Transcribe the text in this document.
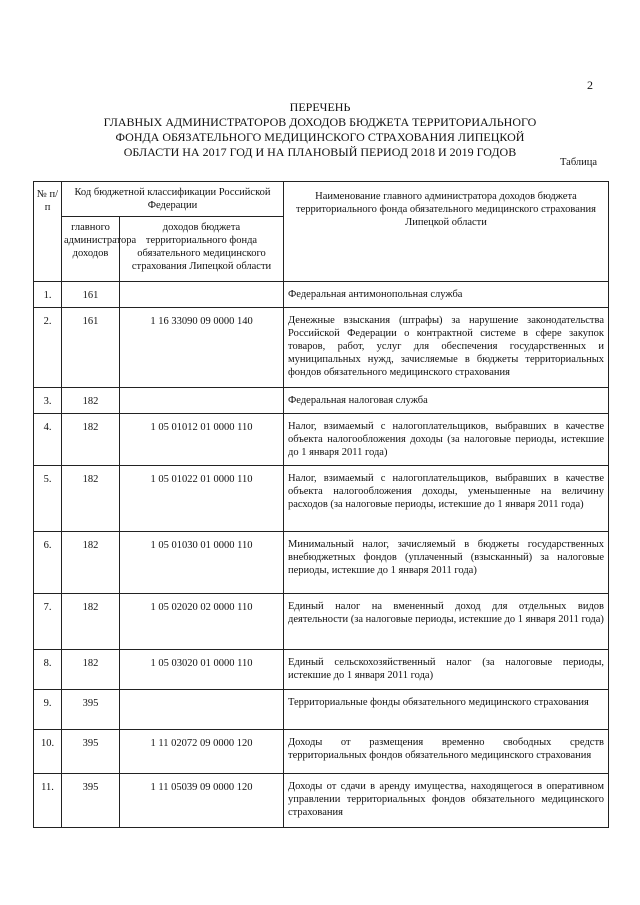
2
ПЕРЕЧЕНЬ
ГЛАВНЫХ АДМИНИСТРАТОРОВ ДОХОДОВ БЮДЖЕТА ТЕРРИТОРИАЛЬНОГО
ФОНДА ОБЯЗАТЕЛЬНОГО МЕДИЦИНСКОГО СТРАХОВАНИЯ ЛИПЕЦКОЙ
ОБЛАСТИ НА 2017 ГОД И НА ПЛАНОВЫЙ ПЕРИОД 2018 И 2019 ГОДОВ
Таблица
№ п/п	Код бюджетной классификации Российской Федерации		Наименование главного администратора доходов бюджета территориального фонда обязательного медицинского страхования Липецкой области
	главного администратора доходов	доходов бюджета территориального фонда обязательного медицинского страхования Липецкой области	
1.	161		Федеральная антимонопольная служба
2.	161	1 16 33090 09 0000 140	Денежные взыскания (штрафы) за нарушение законодательства Российской Федерации о контрактной системе в сфере закупок товаров, работ, услуг для обеспечения государственных и муниципальных нужд, зачисляемые в бюджеты территориальных фондов обязательного медицинского страхования
3.	182		Федеральная налоговая служба
4.	182	1 05 01012 01 0000 110	Налог, взимаемый с налогоплательщиков, выбравших в качестве объекта налогообложения доходы (за налоговые периоды, истекшие до 1 января 2011 года)
5.	182	1 05 01022 01 0000 110	Налог, взимаемый с налогоплательщиков, выбравших в качестве объекта налогообложения доходы, уменьшенные на величину расходов (за налоговые периоды, истекшие до 1 января 2011 года)
6.	182	1 05 01030 01 0000 110	Минимальный налог, зачисляемый в бюджеты государственных внебюджетных фондов (уплаченный (взысканный) за налоговые периоды, истекшие до 1 января 2011 года)
7.	182	1 05 02020 02 0000 110	Единый налог на вмененный доход для отдельных видов деятельности (за налоговые периоды, истекшие до 1 января 2011 года)
8.	182	1 05 03020 01 0000 110	Единый сельскохозяйственный налог (за налоговые периоды, истекшие до 1 января 2011 года)
9.	395		Территориальные фонды обязательного медицинского страхования
10.	395	1 11 02072 09 0000 120	Доходы от размещения временно свободных средств территориальных фондов обязательного медицинского страхования
11.	395	1 11 05039 09 0000 120	Доходы от сдачи в аренду имущества, находящегося в оперативном управлении территориальных фондов обязательного медицинского страхования
